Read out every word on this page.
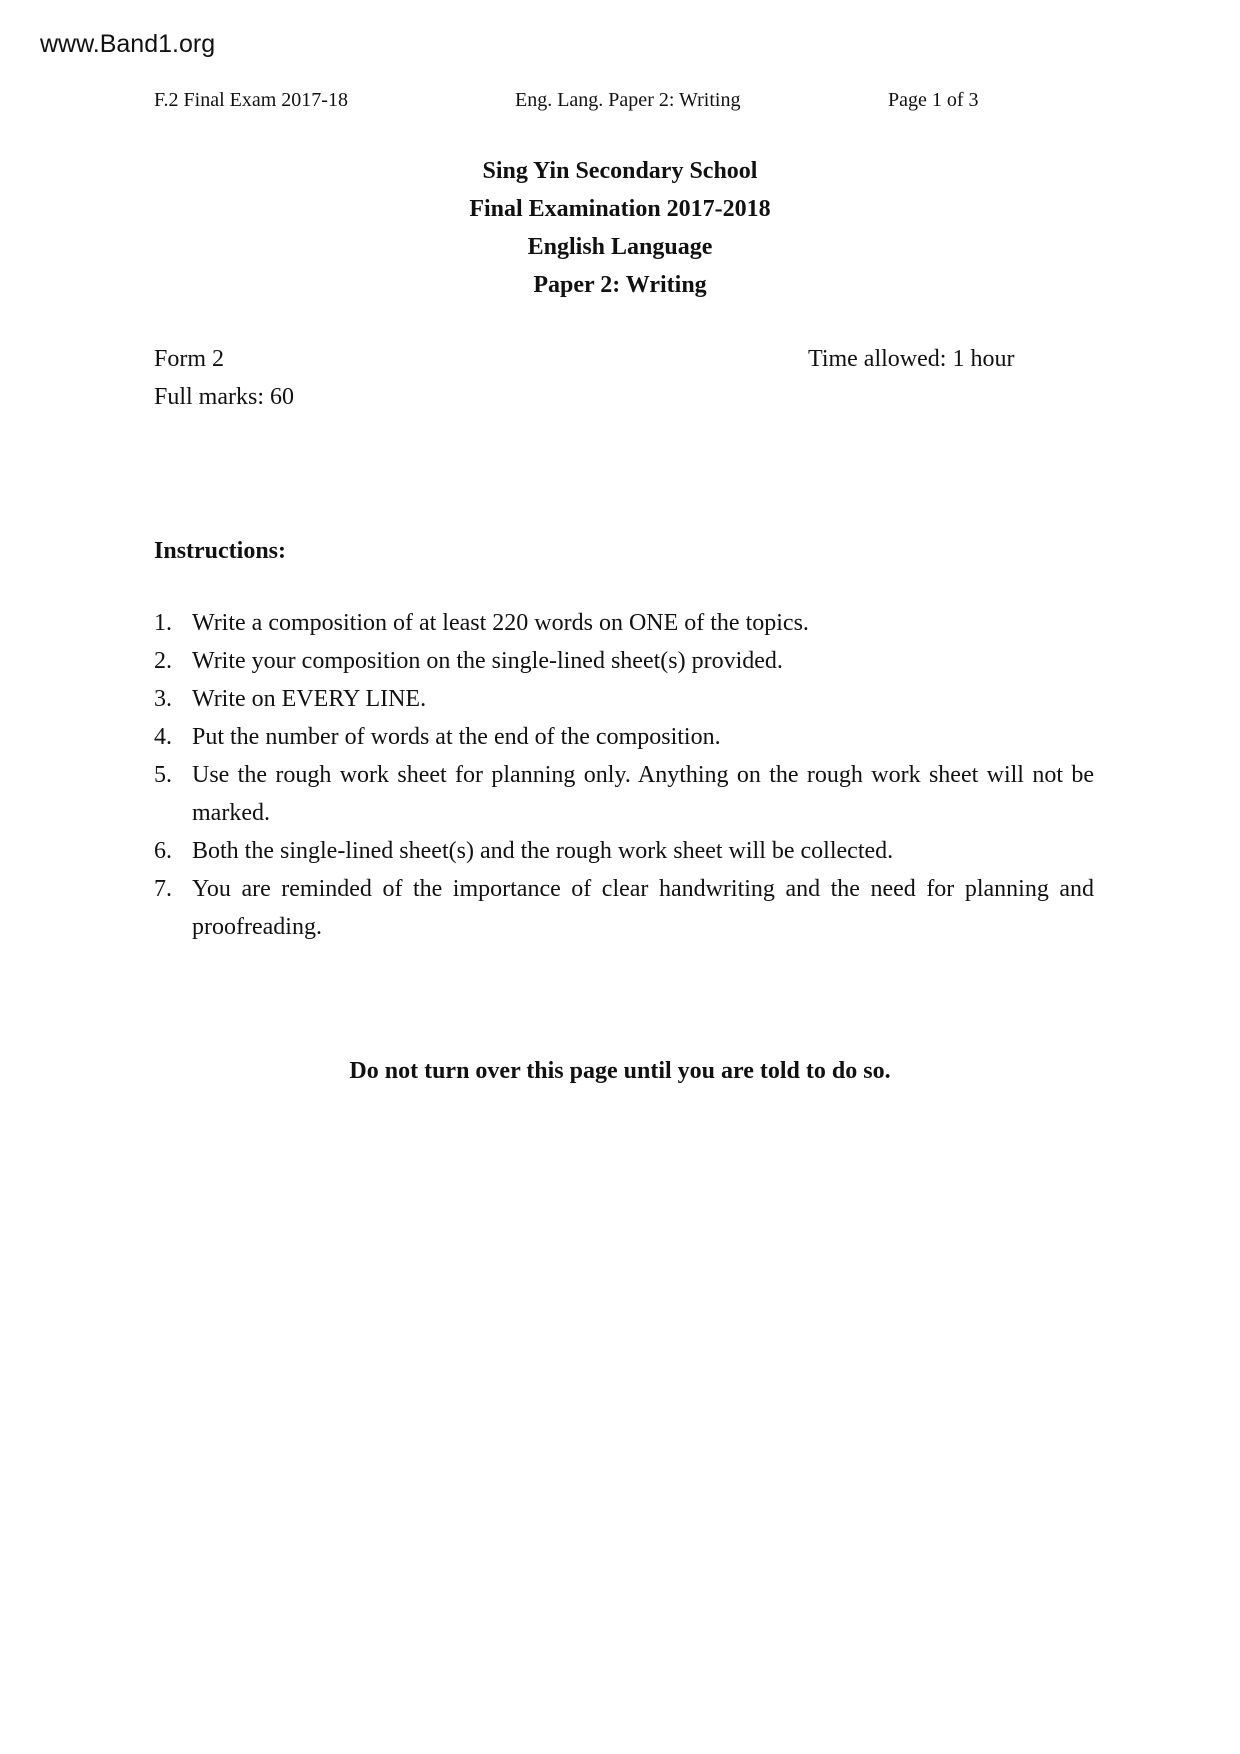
www.Band1.org
F.2 Final Exam 2017-18	Eng. Lang. Paper 2: Writing	Page 1 of 3
Sing Yin Secondary School
Final Examination 2017-2018
English Language
Paper 2: Writing
Form 2
Full marks: 60
Time allowed: 1 hour
Instructions:
1. Write a composition of at least 220 words on ONE of the topics.
2. Write your composition on the single-lined sheet(s) provided.
3. Write on EVERY LINE.
4. Put the number of words at the end of the composition.
5. Use the rough work sheet for planning only. Anything on the rough work sheet will not be marked.
6. Both the single-lined sheet(s) and the rough work sheet will be collected.
7. You are reminded of the importance of clear handwriting and the need for planning and proofreading.
Do not turn over this page until you are told to do so.
